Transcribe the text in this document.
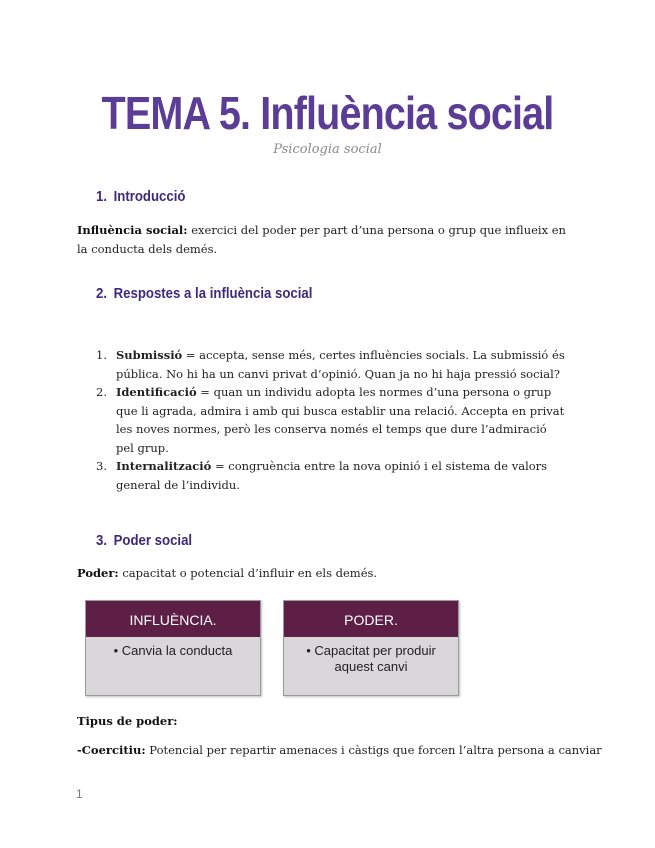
TEMA 5. Influència social
Psicologia social
1. Introducció
Influència social: exercici del poder per part d’una persona o grup que influeix en la conducta dels demés.
2. Respostes a la influència social
1. Submissió = accepta, sense més, certes influències socials. La submissió és pública. No hi ha un canvi privat d’opinió. Quan ja no hi haja pressió social?
2. Identificació = quan un individu adopta les normes d’una persona o grup que li agrada, admira i amb qui busca establir una relació. Accepta en privat les noves normes, però les conserva només el temps que dure l’admiració pel grup.
3. Internalització = congruència entre la nova opinió i el sistema de valors general de l’individu.
3. Poder social
Poder: capacitat o potencial d’influir en els demés.
INFLUÈNCIA.
• Canvia la conducta
PODER.
• Capacitat per produir aquest canvi
Tipus de poder:
-Coercitiu: Potencial per repartir amenaces i càstigs que forcen l’altra persona a canviar
1
